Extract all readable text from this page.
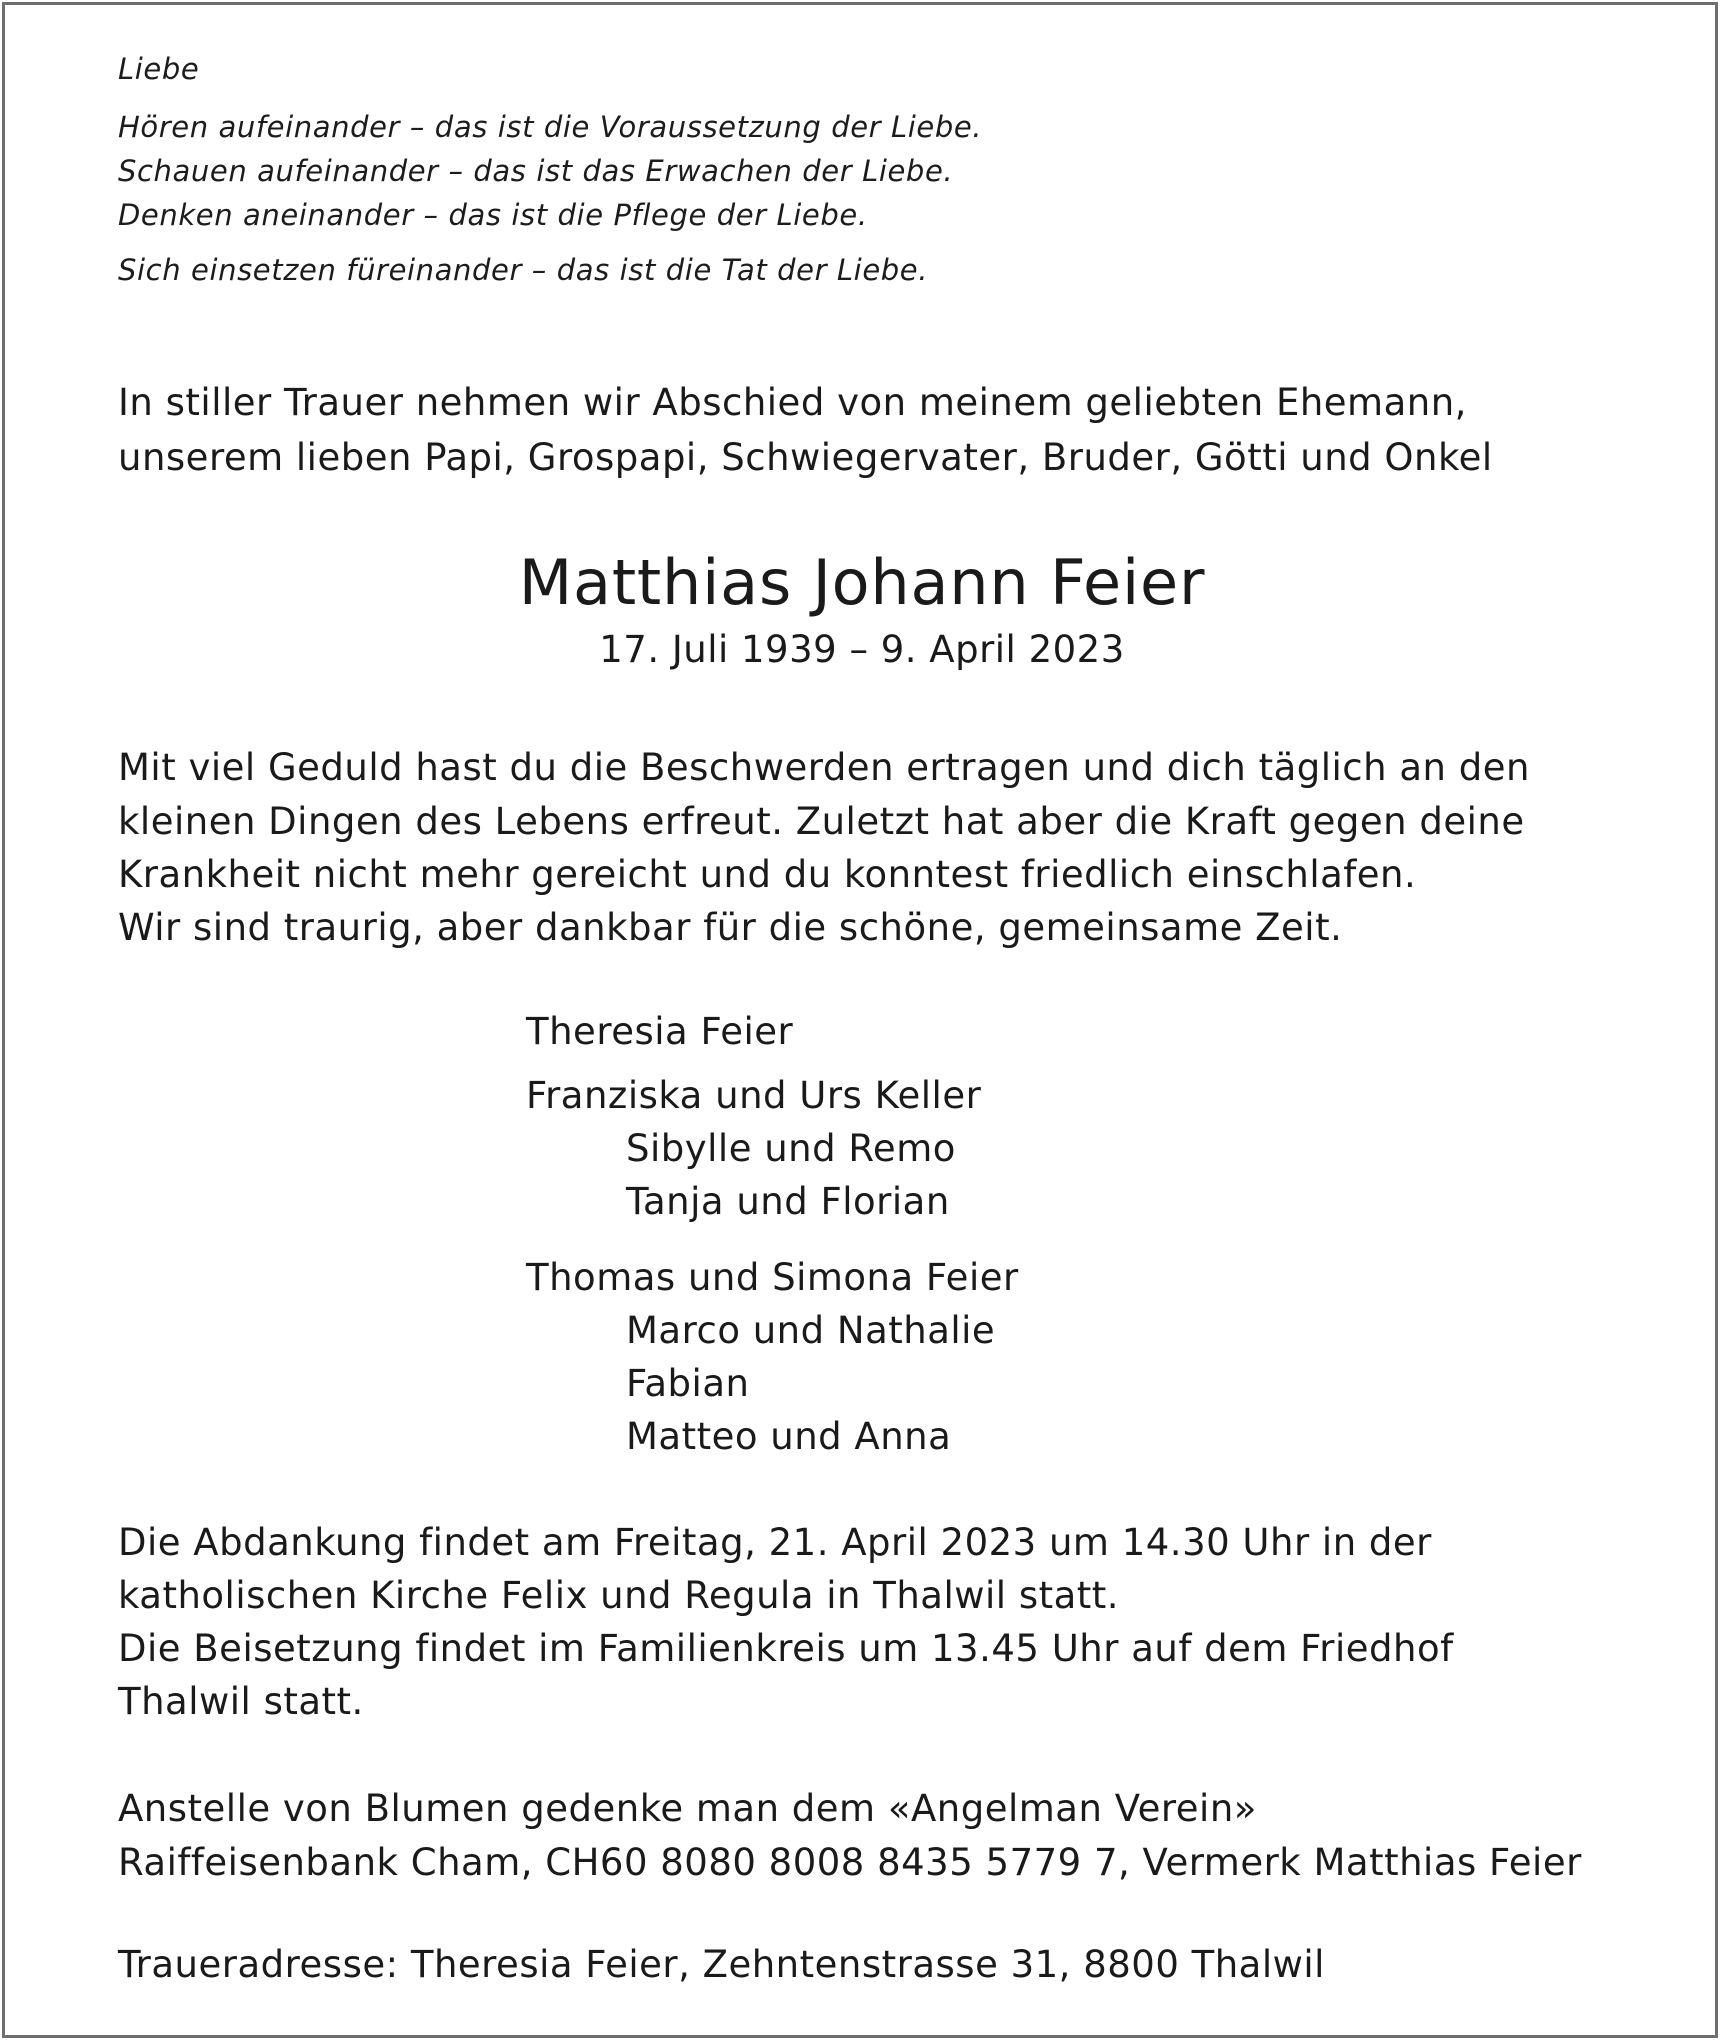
Liebe
Hören aufeinander – das ist die Voraussetzung der Liebe.
Schauen aufeinander – das ist das Erwachen der Liebe.
Denken aneinander – das ist die Pflege der Liebe.
Sich einsetzen füreinander – das ist die Tat der Liebe.
In stiller Trauer nehmen wir Abschied von meinem geliebten Ehemann,
unserem lieben Papi, Grospapi, Schwiegervater, Bruder, Götti und Onkel
Matthias Johann Feier
17. Juli 1939 – 9. April 2023
Mit viel Geduld hast du die Beschwerden ertragen und dich täglich an den
kleinen Dingen des Lebens erfreut. Zuletzt hat aber die Kraft gegen deine
Krankheit nicht mehr gereicht und du konntest friedlich einschlafen.
Wir sind traurig, aber dankbar für die schöne, gemeinsame Zeit.
Theresia Feier
Franziska und Urs Keller
Sibylle und Remo
Tanja und Florian
Thomas und Simona Feier
Marco und Nathalie
Fabian
Matteo und Anna
Die Abdankung findet am Freitag, 21. April 2023 um 14.30 Uhr in der
katholischen Kirche Felix und Regula in Thalwil statt.
Die Beisetzung findet im Familienkreis um 13.45 Uhr auf dem Friedhof
Thalwil statt.
Anstelle von Blumen gedenke man dem «Angelman Verein»
Raiffeisenbank Cham, CH60 8080 8008 8435 5779 7, Vermerk Matthias Feier
Traueradresse: Theresia Feier, Zehntenstrasse 31, 8800 Thalwil
